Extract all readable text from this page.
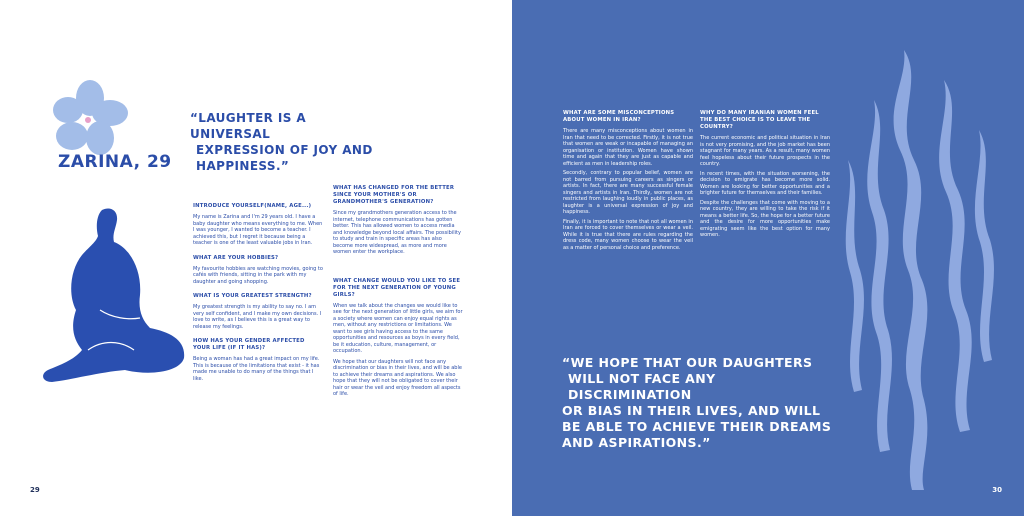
ZARINA, 29
“LAUGHTER IS A UNIVERSAL
EXPRESSION OF JOY AND
HAPPINESS.”
INTRODUCE YOURSELF(NAME, AGE...)

My name is Zarina and I'm 29 years old. I have a baby daughter who means everything to me. When I was younger, I wanted to become a teacher. I achieved this, but I regret it because being a teacher is one of the least valuable jobs in Iran.

WHAT ARE YOUR HOBBIES?

My favourite hobbies are watching movies, going to cafés with friends, sitting in the park with my daughter and going shopping.

WHAT IS YOUR GREATEST STRENGTH?

My greatest strength is my ability to say no. I am very self confident, and I make my own decisions. I love to write, as I believe this is a great way to release my feelings.

HOW HAS YOUR GENDER AFFECTED YOUR LIFE (IF IT HAS)?

Being a woman has had a great impact on my life. This is because of the limitations that exist - it has made me unable to do many of the things that I like.

WHAT HAS CHANGED FOR THE BETTER SINCE YOUR MOTHER'S OR GRANDMOTHER'S GENERATION?

Since my grandmothers generation access to the internet, telephone communications has gotten better. This has allowed women to access media and knowledge beyond local affairs. The possibility to study and train in specific areas has also become more widespread, as more and more women enter the workplace.

WHAT CHANGE WOULD YOU LIKE TO SEE FOR THE NEXT GENERATION OF YOUNG GIRLS?

When we talk about the changes we would like to see for the next generation of little girls, we aim for a society where women can enjoy equal rights as men, without any restrictions or limitations. We want to see girls having access to the same opportunities and resources as boys in every field, be it education, culture, management, or occupation.

We hope that our daughters will not face any discrimination or bias in their lives, and will be able to achieve their dreams and aspirations. We also hope that they will not be obligated to cover their hair or wear the veil and enjoy freedom all aspects of life.

29
WHAT ARE SOME MISCONCEPTIONS ABOUT WOMEN IN IRAN?

There are many misconceptions about women in Iran that need to be corrected. Firstly, it is not true that women are weak or incapable of managing an organisation or institution. Women have shown time and again that they are just as capable and efficient as men in leadership roles.

Secondly, contrary to popular belief, women are not barred from pursuing careers as singers or artists. In fact, there are many successful female singers and artists in Iran. Thirdly, women are not restricted from laughing loudly in public places, as laughter is a universal expression of joy and happiness.

Finally, it is important to note that not all women in Iran are forced to cover themselves or wear a veil. While it is true that there are rules regarding the dress code, many women choose to wear the veil as a matter of personal choice and preference.

WHY DO MANY IRANIAN WOMEN FEEL THE BEST CHOICE IS TO LEAVE THE COUNTRY?

The current economic and political situation in Iran is not very promising, and the job market has been stagnant for many years. As a result, many women feel hopeless about their future prospects in the country.

In recent times, with the situation worsening, the decision to emigrate has become more solid. Women are looking for better opportunities and a brighter future for themselves and their families.

Despite the challenges that come with moving to a new country, they are willing to take the risk if it means a better life. So, the hope for a better future and the desire for more opportunities make emigrating seem like the best option for many women.

“WE HOPE THAT OUR DAUGHTERS
WILL NOT FACE ANY DISCRIMINATION
OR BIAS IN THEIR LIVES, AND WILL
BE ABLE TO ACHIEVE THEIR DREAMS
AND ASPIRATIONS.”
30
